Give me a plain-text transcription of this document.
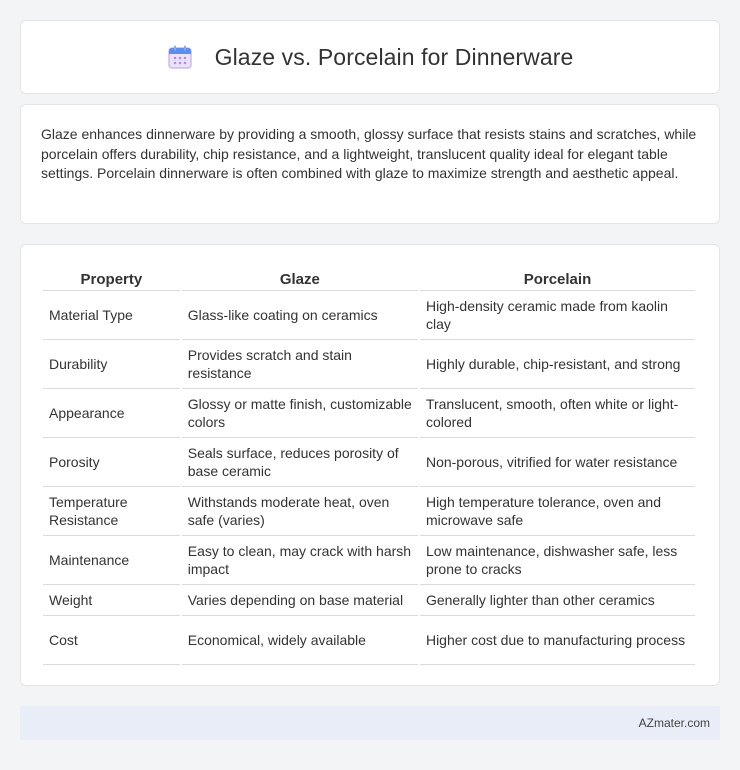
Glaze vs. Porcelain for Dinnerware

Glaze enhances dinnerware by providing a smooth, glossy surface that resists stains and scratches, while porcelain offers durability, chip resistance, and a lightweight, translucent quality ideal for elegant table settings. Porcelain dinnerware is often combined with glaze to maximize strength and aesthetic appeal.

Property	Glaze	Porcelain
Material Type	Glass-like coating on ceramics	High-density ceramic made from kaolin clay
Durability	Provides scratch and stain resistance	Highly durable, chip-resistant, and strong
Appearance	Glossy or matte finish, customizable colors	Translucent, smooth, often white or light-colored
Porosity	Seals surface, reduces porosity of base ceramic	Non-porous, vitrified for water resistance
Temperature Resistance	Withstands moderate heat, oven safe (varies)	High temperature tolerance, oven and microwave safe
Maintenance	Easy to clean, may crack with harsh impact	Low maintenance, dishwasher safe, less prone to cracks
Weight	Varies depending on base material	Generally lighter than other ceramics
Cost	Economical, widely available	Higher cost due to manufacturing process
AZmater.com
